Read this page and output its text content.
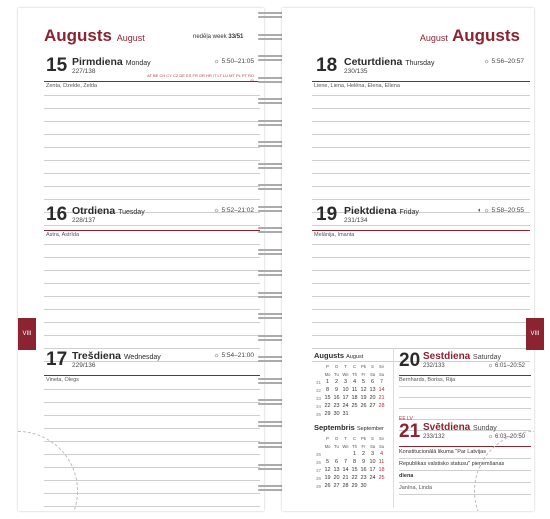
Augusts August	nedēļa week 33/51
15 Pirmdiena Monday
227/138
☼ 5:50–21:05
AT BE CH CY CZ DE ES FR GR HR IT LT LU MT PL PT RO
Zenta, Dzelde, Zelda
16 Otrdiena Tuesday
228/137
☼ 5:52–21:02
Astra, Astrīda
17 Trešdiena Wednesday
229/136
☼ 5:54–21:00
Vineta, Olegs
August Augusts
18 Ceturtdiena Thursday
230/135
☼ 5:56–20:57
Liene, Liena, Helēna, Elena, Ellena
19 Piektdiena Friday
231/134
◐ ☼ 5:58–20:55
Melānija, Imanta
Augusts August
	P	O	T	C	Pk	S	Sv
	Mo	Tu	We	Th	Fr	Sa	Su
31	1	2	3	4	5	6	7
32	8	9	10	11	12	13	14
33	15	16	17	18	19	20	21
34	22	23	24	25	26	27	28
35	29	30	31				
Septembris September
	P	O	T	C	Pk	S	Sv
	Mo	Tu	We	Th	Fr	Sa	Su
35				1	2	3	4
36	5	6	7	8	9	10	11
37	12	13	14	15	16	17	18
38	19	20	21	22	23	24	25
39	26	27	28	29	30		
20 Sestdiena Saturday
232/133	☼ 6:01–20:52
Bernhards, Boriss, Rija
EE LV
21 Svētdiena Sunday
233/132	☼ 6:03–20:50
Konstitucionālā likuma "Par Latvijas
Republikas valstisko statusu" pieņemšanas
diena
Janīna, Linda
VIII	VIII
